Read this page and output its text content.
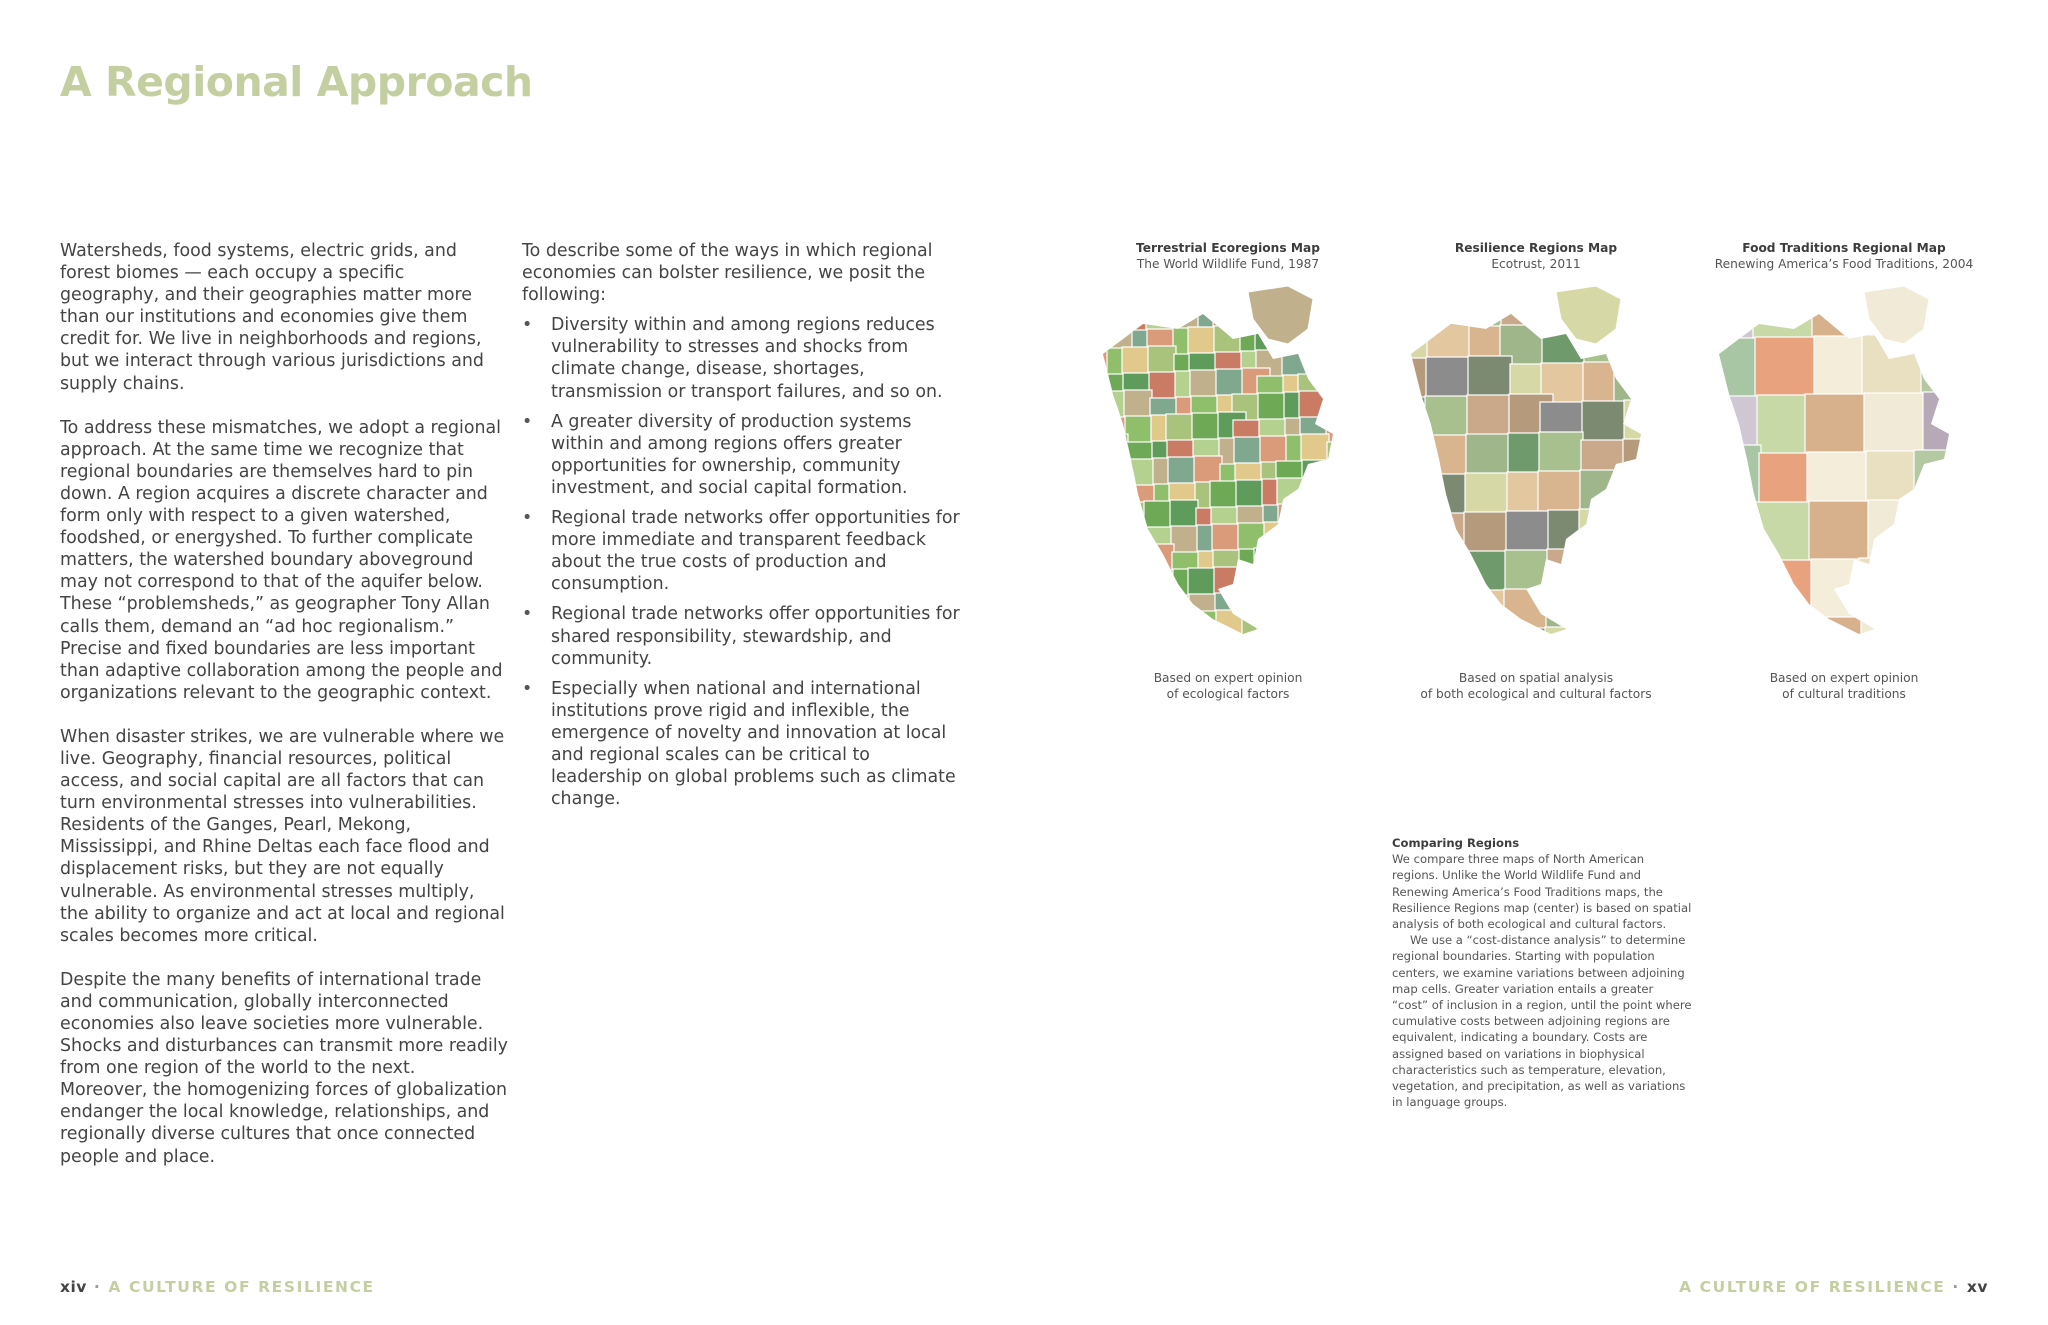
A Regional Approach

Watersheds, food systems, electric grids, and forest biomes — each occupy a specific geography, and their geographies matter more than our institutions and economies give them credit for. We live in neighborhoods and regions, but we interact through various jurisdictions and supply chains.

To address these mismatches, we adopt a regional approach. At the same time we recognize that regional boundaries are themselves hard to pin down. A region acquires a discrete character and form only with respect to a given watershed, foodshed, or energyshed. To further complicate matters, the watershed boundary aboveground may not correspond to that of the aquifer below. These “problemsheds,” as geographer Tony Allan calls them, demand an “ad hoc regionalism.” Precise and fixed boundaries are less important than adaptive collaboration among the people and organizations relevant to the geographic context.

When disaster strikes, we are vulnerable where we live. Geography, financial resources, political access, and social capital are all factors that can turn environmental stresses into vulnerabilities. Residents of the Ganges, Pearl, Mekong, Mississippi, and Rhine Deltas each face flood and displacement risks, but they are not equally vulnerable. As environmental stresses multiply, the ability to organize and act at local and regional scales becomes more critical.

Despite the many benefits of international trade and communication, globally interconnected economies also leave societies more vulnerable. Shocks and disturbances can transmit more readily from one region of the world to the next. Moreover, the homogenizing forces of globalization endanger the local knowledge, relationships, and regionally diverse cultures that once connected people and place.

To describe some of the ways in which regional economies can bolster resilience, we posit the following:

• Diversity within and among regions reduces vulnerability to stresses and shocks from climate change, disease, shortages, transmission or transport failures, and so on.
• A greater diversity of production systems within and among regions offers greater opportunities for ownership, community investment, and social capital formation.
• Regional trade networks offer opportunities for more immediate and transparent feedback about the true costs of production and consumption.
• Regional trade networks offer opportunities for shared responsibility, stewardship, and community.
• Especially when national and international institutions prove rigid and inflexible, the emergence of novelty and innovation at local and regional scales can be critical to leadership on global problems such as climate change.
Terrestrial Ecoregions Map
The World Wildlife Fund, 1987
Based on expert opinion
of ecological factors
Resilience Regions Map
Ecotrust, 2011
Based on spatial analysis
of both ecological and cultural factors
Food Traditions Regional Map
Renewing America’s Food Traditions, 2004
Based on expert opinion
of cultural traditions
Comparing Regions

We compare three maps of North American regions. Unlike the World Wildlife Fund and Renewing America’s Food Traditions maps, the Resilience Regions map (center) is based on spatial analysis of both ecological and cultural factors.

We use a “cost-distance analysis” to determine regional boundaries. Starting with population centers, we examine variations between adjoining map cells. Greater variation entails a greater “cost” of inclusion in a region, until the point where cumulative costs between adjoining regions are equivalent, indicating a boundary. Costs are assigned based on variations in biophysical characteristics such as temperature, elevation, vegetation, and precipitation, as well as variations in language groups.

xiv · A CULTURE OF RESILIENCE	A CULTURE OF RESILIENCE · xv
